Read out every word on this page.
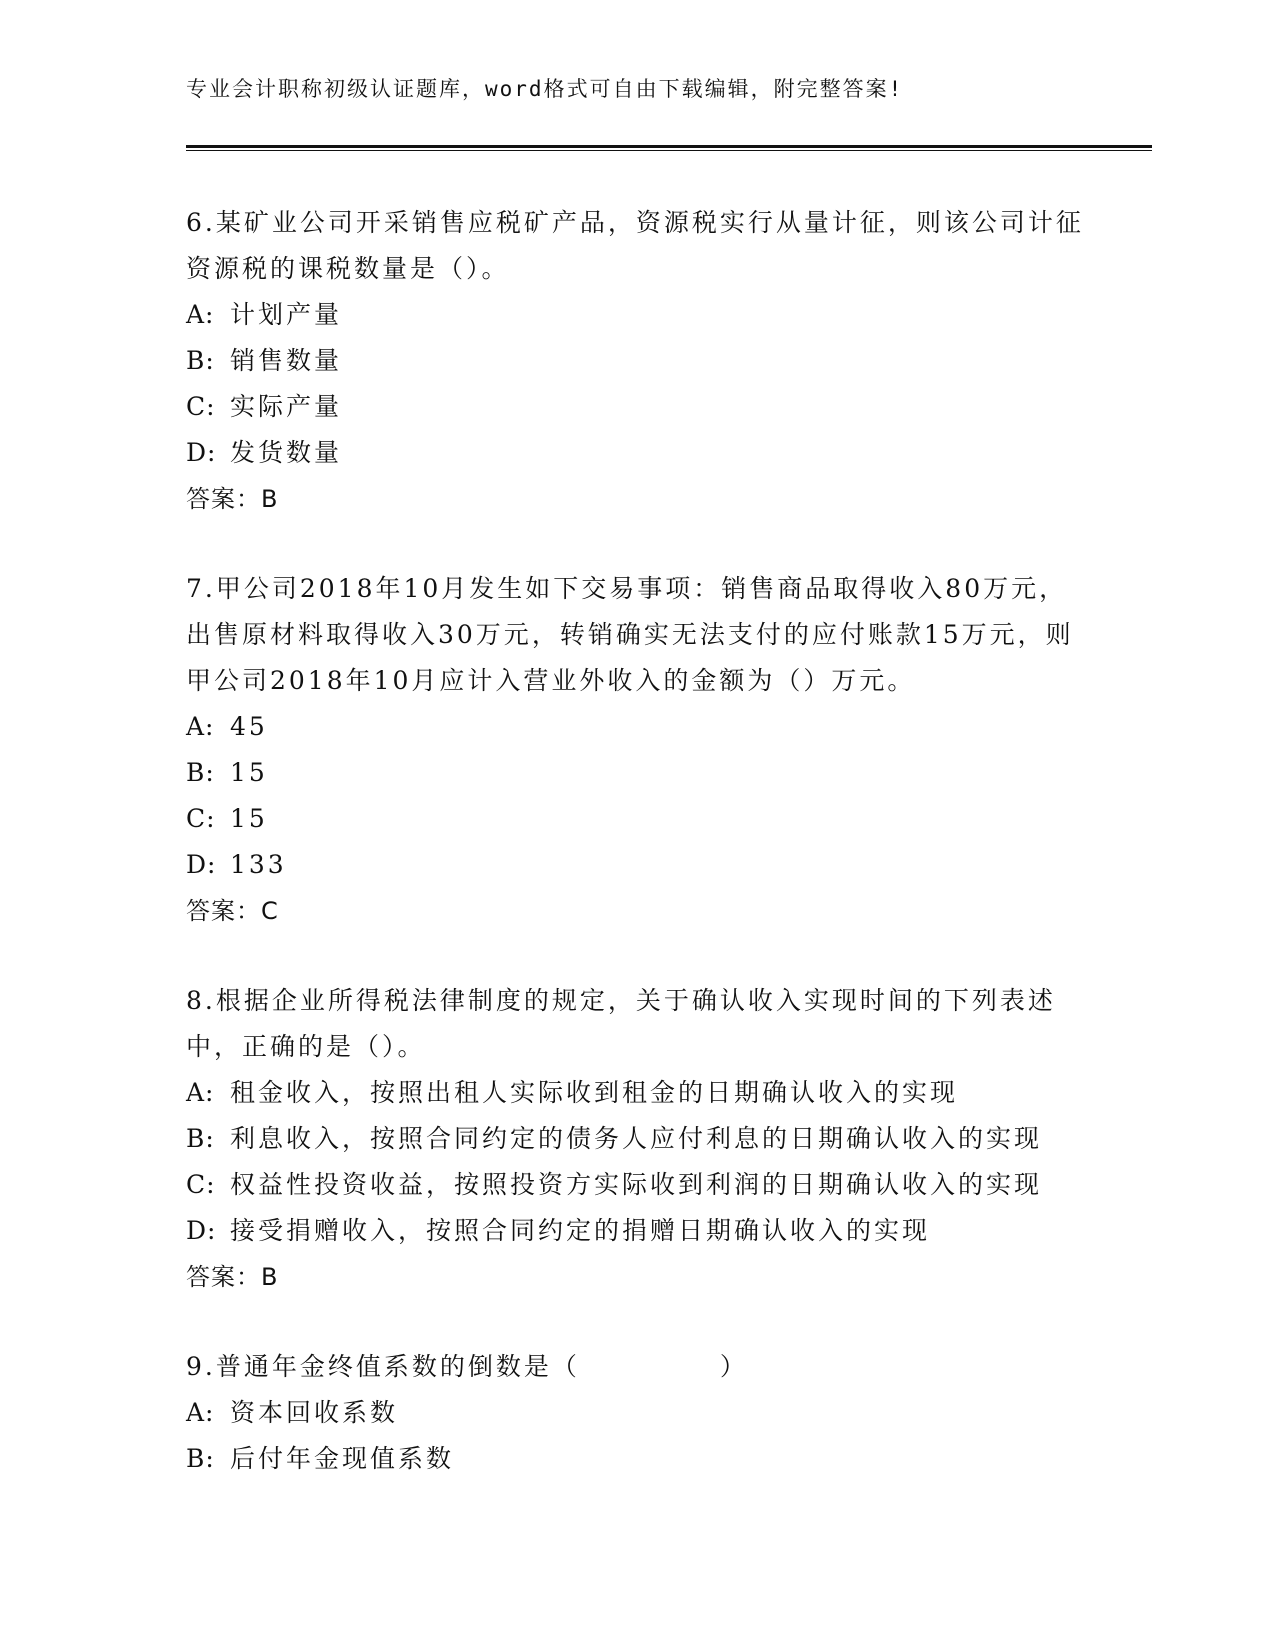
专业会计职称初级认证题库，word格式可自由下载编辑，附完整答案!

6.某矿业公司开采销售应税矿产品，资源税实行从量计征，则该公司计征资源税的课税数量是（）。

A: 计划产量

B: 销售数量

C: 实际产量

D: 发货数量

答案：B

7.甲公司2018年10月发生如下交易事项：销售商品取得收入80万元，出售原材料取得收入30万元，转销确实无法支付的应付账款15万元，则甲公司2018年10月应计入营业外收入的金额为（）万元。

A: 45

B: 15

C: 15

D: 133

答案：C

8.根据企业所得税法律制度的规定，关于确认收入实现时间的下列表述中，正确的是（）。

A: 租金收入，按照出租人实际收到租金的日期确认收入的实现

B: 利息收入，按照合同约定的债务人应付利息的日期确认收入的实现

C: 权益性投资收益，按照投资方实际收到利润的日期确认收入的实现

D: 接受捐赠收入，按照合同约定的捐赠日期确认收入的实现

答案：B

9.普通年金终值系数的倒数是（　　　　　）

A: 资本回收系数

B: 后付年金现值系数
